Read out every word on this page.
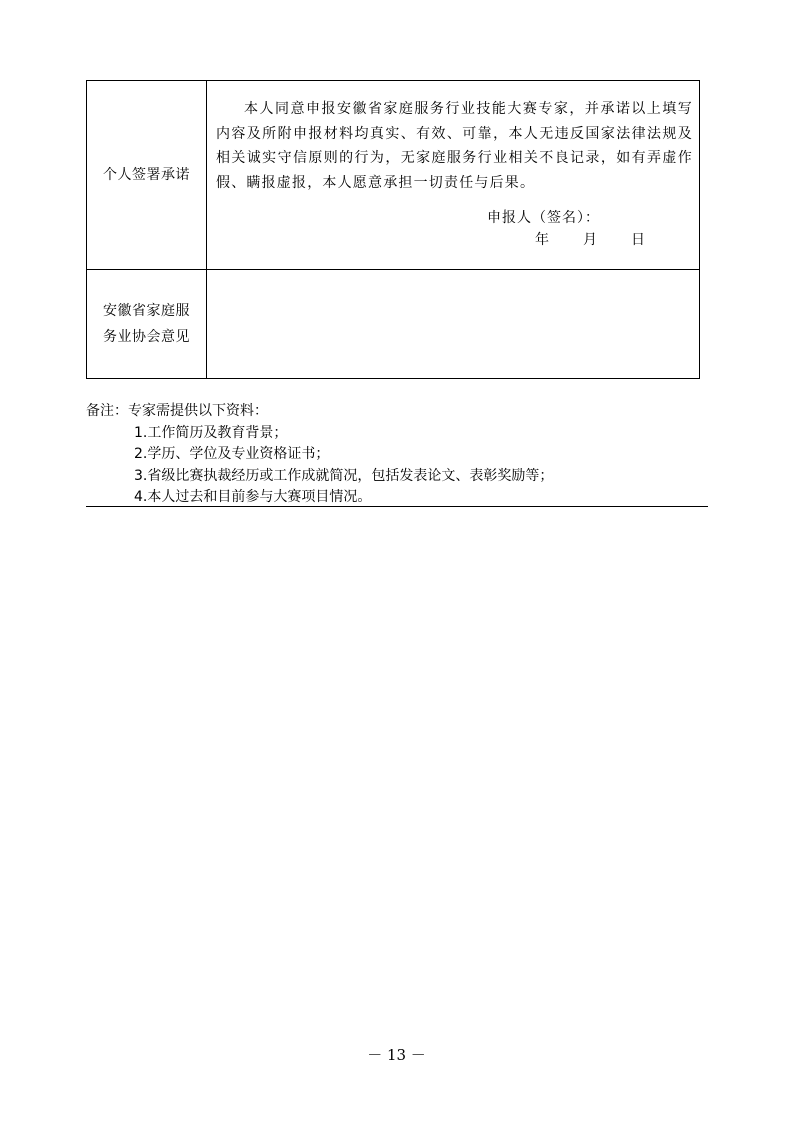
个人签署承诺
本人同意申报安徽省家庭服务行业技能大赛专家，并承诺以上填写内容及所附申报材料均真实、有效、可靠，本人无违反国家法律法规及相关诚实守信原则的行为，无家庭服务行业相关不良记录，如有弄虚作假、瞒报虚报，本人愿意承担一切责任与后果。
申报人（签名）：
年 月 日
安徽省家庭服
务业协会意见
备注：专家需提供以下资料：
1.工作简历及教育背景；
2.学历、学位及专业资格证书；
3.省级比赛执裁经历或工作成就简况，包括发表论文、表彰奖励等；
4.本人过去和目前参与大赛项目情况。
－ 13 －
